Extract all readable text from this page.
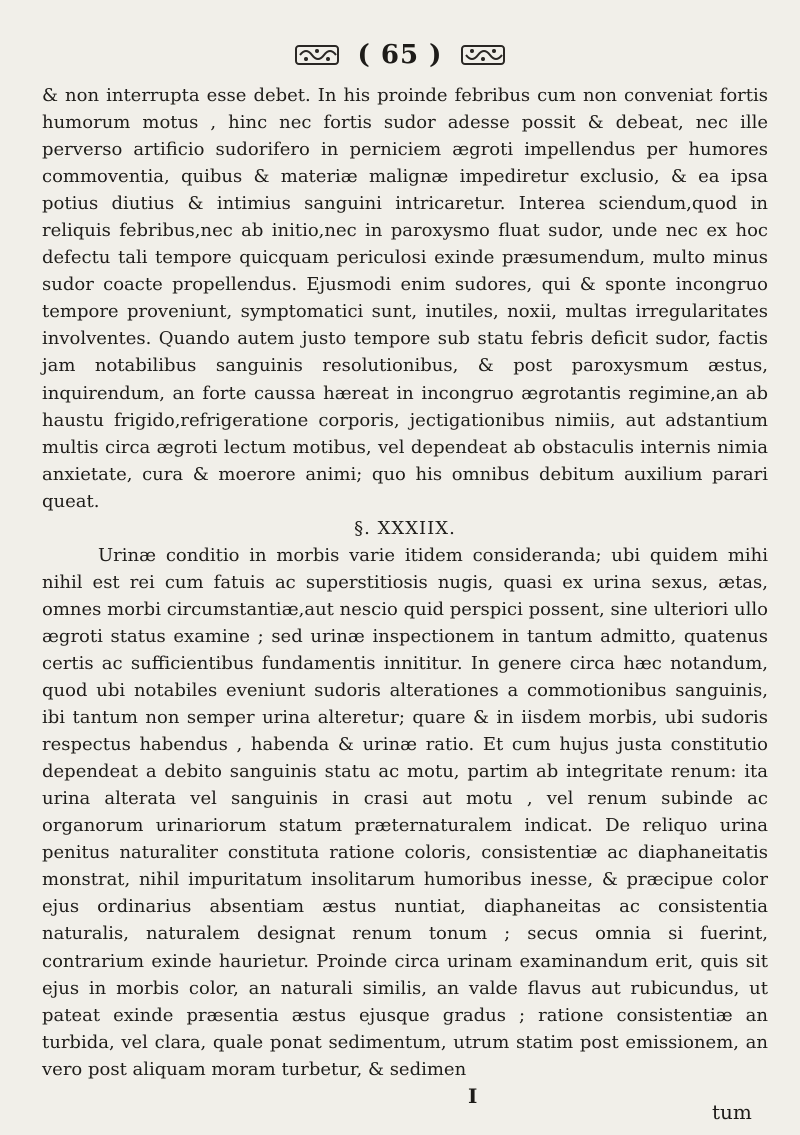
( 65 )

& non interrupta esse debet. In his proinde febribus cum non conveniat fortis humorum motus , hinc nec fortis sudor adesse possit & debeat, nec ille perverso artificio sudorifero in perniciem ægroti impellendus per humores commoventia, quibus & materiæ malignæ impediretur exclusio, & ea ipsa potius diutius & intimius sanguini intricaretur. Interea sciendum,quod in reliquis febribus,nec ab initio,nec in paroxysmo fluat sudor, unde nec ex hoc defectu tali tempore quicquam periculosi exinde præsumendum, multo minus sudor coacte propellendus. Ejusmodi enim sudores, qui & sponte incongruo tempore proveniunt, symptomatici sunt, inutiles, noxii, multas irregularitates involventes. Quando autem justo tempore sub statu febris deficit sudor, factis jam notabilibus sanguinis resolutionibus, & post paroxysmum æstus, inquirendum, an forte caussa hæreat in incongruo ægrotantis regimine,an ab haustu frigido,refrigeratione corporis, jectigationibus nimiis, aut adstantium multis circa ægroti lectum motibus, vel dependeat ab obstaculis internis nimia anxietate, cura & moerore animi; quo his omnibus debitum auxilium parari queat.

§. XXXIIX.

Urinæ conditio in morbis varie itidem consideranda; ubi quidem mihi nihil est rei cum fatuis ac superstitiosis nugis, quasi ex urina sexus, ætas, omnes morbi circumstantiæ,aut nescio quid perspici possent, sine ulteriori ullo ægroti status examine ; sed urinæ inspectionem in tantum admitto, quatenus certis ac sufficientibus fundamentis innititur. In genere circa hæc notandum, quod ubi notabiles eveniunt sudoris alterationes a commotionibus sanguinis, ibi tantum non semper urina alteretur; quare & in iisdem morbis, ubi sudoris respectus habendus , habenda & urinæ ratio. Et cum hujus justa constitutio dependeat a debito sanguinis statu ac motu, partim ab integritate renum: ita urina alterata vel sanguinis in crasi aut motu , vel renum subinde ac organorum urinariorum statum præternaturalem indicat. De reliquo urina penitus naturaliter constituta ratione coloris, consistentiæ ac diaphaneitatis monstrat, nihil impuritatum insolitarum humoribus inesse, & præcipue color ejus ordinarius absentiam æstus nuntiat, diaphaneitas ac consistentia naturalis, naturalem designat renum tonum ; secus omnia si fuerint, contrarium exinde haurietur. Proinde circa urinam examinandum erit, quis sit ejus in morbis color, an naturali similis, an valde flavus aut rubicundus, ut pateat exinde præsentia æstus ejusque gradus ; ratione consistentiæ an turbida, vel clara, quale ponat sedimentum, utrum statim post emissionem, an vero post aliquam moram turbetur, & sedimen

I
tum
